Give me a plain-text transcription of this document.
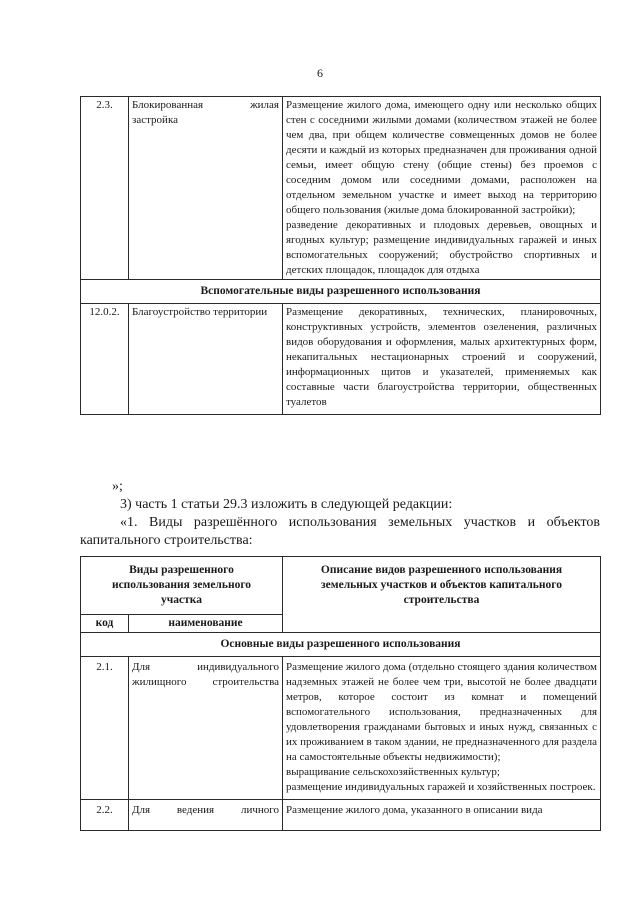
6
2.3.	Блокированная жилая застройка	Размещение жилого дома, имеющего одну или несколько общих стен с соседними жилыми домами (количеством этажей не более чем два, при общем количестве совмещенных домов не более десяти и каждый из которых предназначен для проживания одной семьи, имеет общую стену (общие стены) без проемов с соседним домом или соседними домами, расположен на отдельном земельном участке и имеет выход на территорию общего пользования (жилые дома блокированной застройки);
разведение декоративных и плодовых деревьев, овощных и ягодных культур; размещение индивидуальных гаражей и иных вспомогательных сооружений; обустройство спортивных и детских площадок, площадок для отдыха

Вспомогательные виды разрешенного использования		
12.0.2.	Благоустройство территории	Размещение декоративных, технических, планировочных, конструктивных устройств, элементов озеленения, различных видов оборудования и оформления, малых архитектурных форм, некапитальных нестационарных строений и сооружений, информационных щитов и указателей, применяемых как составные части благоустройства территории, общественных туалетов
»;
3) часть 1 статьи 29.3 изложить в следующей редакции:
«1. Виды разрешённого использования земельных участков и объектов капитального строительства:
Виды разрешенного использования земельного участка		Описание видов разрешенного использования земельных участков и объектов капитального строительства
код	наименование	
Основные виды разрешенного использования		
2.1.	Для индивидуального жилищного строительства	Размещение жилого дома (отдельно стоящего здания количеством надземных этажей не более чем три, высотой не более двадцати метров, которое состоит из комнат и помещений вспомогательного использования, предназначенных для удовлетворения гражданами бытовых и иных нужд, связанных с их проживанием в таком здании, не предназначенного для раздела на самостоятельные объекты недвижимости);
выращивание сельскохозяйственных культур;
размещение индивидуальных гаражей и хозяйственных построек.

2.2.	Для ведения личного	Размещение жилого дома, указанного в описании вида
